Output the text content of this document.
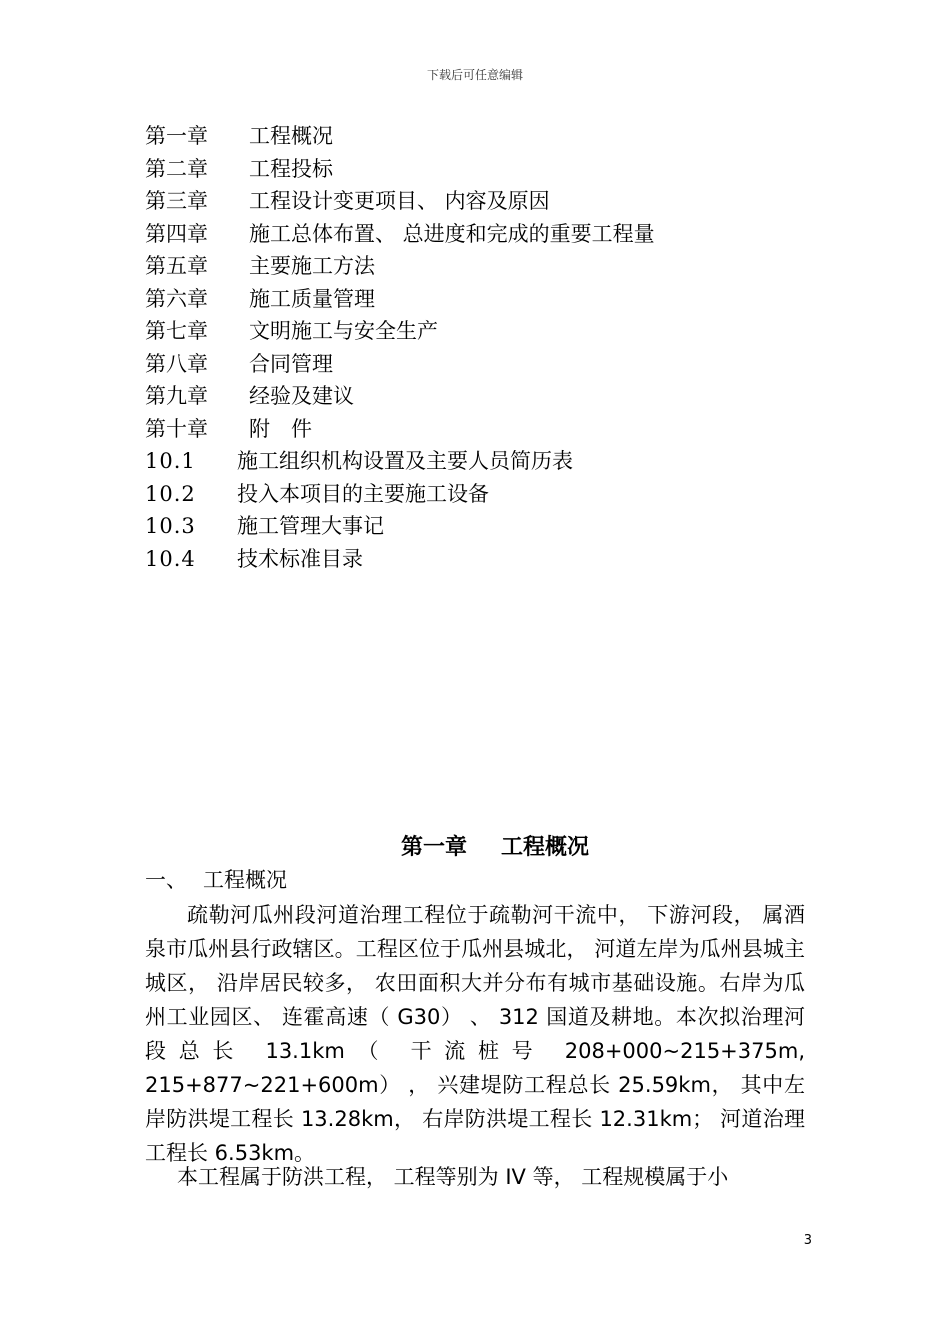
下载后可任意编辑
第一章 工程概况
第二章 工程投标
第三章 工程设计变更项目、 内容及原因
第四章 施工总体布置、 总进度和完成的重要工程量
第五章 主要施工方法
第六章 施工质量管理
第七章 文明施工与安全生产
第八章 合同管理
第九章 经验及建议
第十章 附　件
10.1 施工组织机构设置及主要人员简历表
10.2 投入本项目的主要施工设备
10.3 施工管理大事记
10.4 技术标准目录
第一章 工程概况
一、 工程概况

疏勒河瓜州段河道治理工程位于疏勒河干流中， 下游河段， 属酒泉市瓜州县行政辖区。工程区位于瓜州县城北， 河道左岸为瓜州县城主城区， 沿岸居民较多， 农田面积大并分布有城市基础设施。右岸为瓜州工业园区、 连霍高速（ G30） 、 312 国道及耕地。本次拟治理河段总长 13.1km（ 干流桩号 208+000~215+375m, 215+877~221+600m） ， 兴建堤防工程总长 25.59km， 其中左岸防洪堤工程长 13.28km， 右岸防洪堤工程长 12.31km； 河道治理工程长 6.53km。

本工程属于防洪工程， 工程等别为 IV 等， 工程规模属于小

3
